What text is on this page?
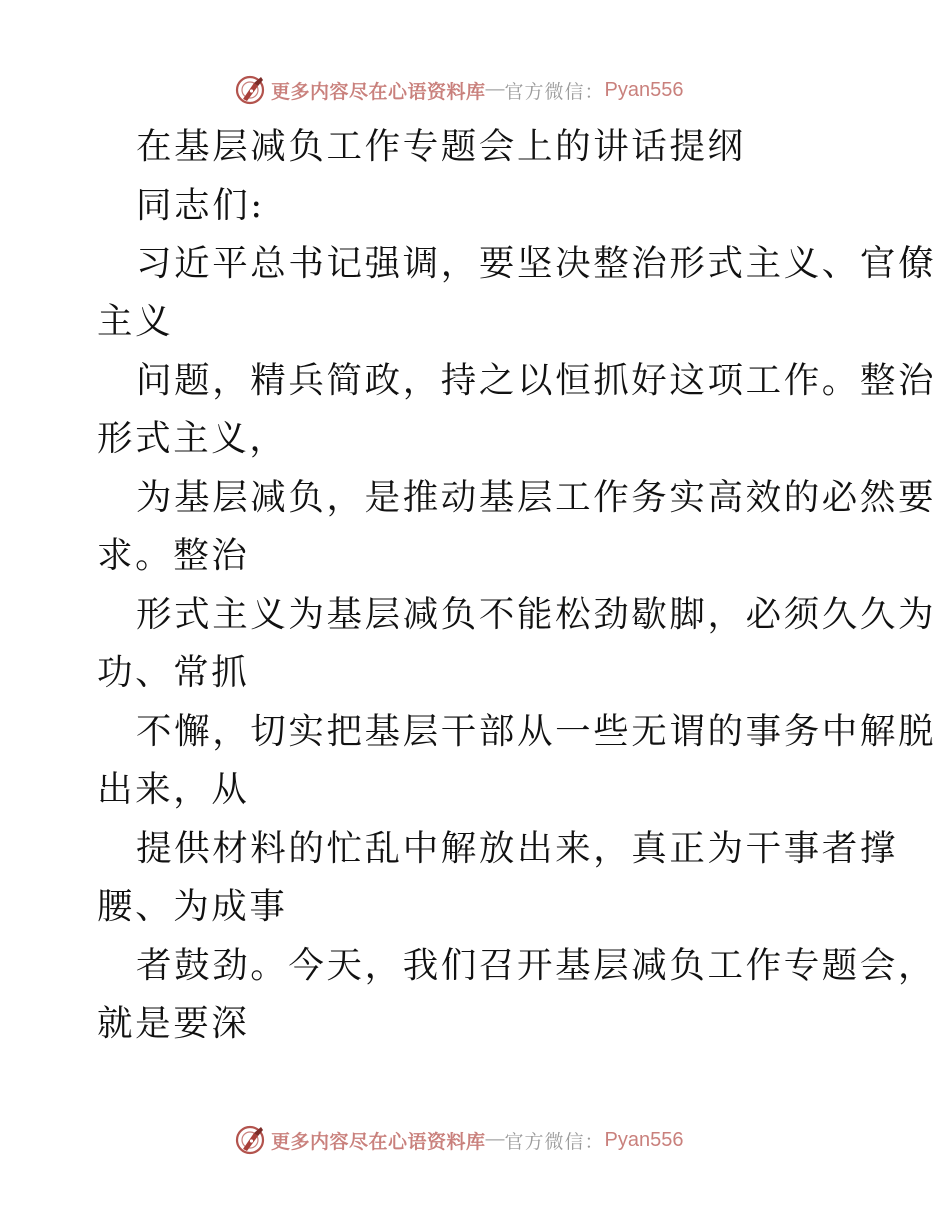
更多内容尽在心语资料库 — 官方微信： Pyan556
在基层减负工作专题会上的讲话提纲
同志们:
习近平总书记强调，要坚决整治形式主义、官僚
主义
问题，精兵简政，持之以恒抓好这项工作。整治
形式主义，
为基层减负，是推动基层工作务实高效的必然要
求。整治
形式主义为基层减负不能松劲歇脚，必须久久为
功、常抓
不懈，切实把基层干部从一些无谓的事务中解脱
出来，从
提供材料的忙乱中解放出来，真正为干事者撑
腰、为成事
者鼓劲。今天，我们召开基层减负工作专题会，
就是要深
更多内容尽在心语资料库 — 官方微信： Pyan556
